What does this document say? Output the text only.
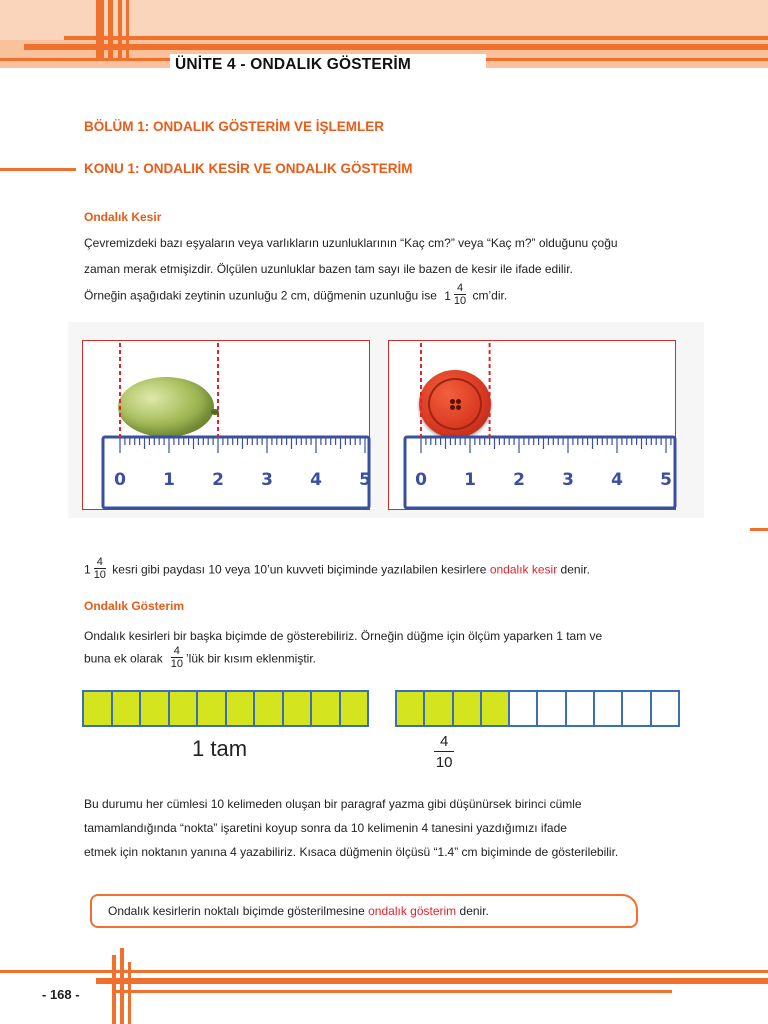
ÜNİTE 4 - ONDALIK GÖSTERİM
BÖLÜM 1: ONDALIK GÖSTERİM VE İŞLEMLER
KONU 1: ONDALIK KESİR VE ONDALIK GÖSTERİM
Ondalık Kesir
Çevremizdeki bazı eşyaların veya varlıkların uzunluklarının “Kaç cm?” veya “Kaç m?” olduğunu çoğu
zaman merak etmişizdir. Ölçülen uzunluklar bazen tam sayı ile bazen de kesir ile ifade edilir.
Örneğin aşağıdaki zeytinin uzunluğu 2 cm, düğmenin uzunluğu ise $1 \frac{4}{10}$ cm’dir.
0 1 2 3 4 5	0 1 2 3 4 5
$1 \frac{4}{10}$ kesri gibi paydası 10 veya 10’un kuvveti biçiminde yazılabilen kesirlere ondalık kesir denir.
Ondalık Gösterim
Ondalık kesirleri bir başka biçimde de gösterebiliriz. Örneğin düğme için ölçüm yaparken 1 tam ve
buna ek olarak $\frac{4}{10}$ ’lük bir kısım eklenmiştir.
1 tam	$\frac{4}{10}$
Bu durumu her cümlesi 10 kelimeden oluşan bir paragraf yazma gibi düşünürsek birinci cümle
tamamlandığında “nokta” işaretini koyup sonra da 10 kelimenin 4 tanesini yazdığımızı ifade
etmek için noktanın yanına 4 yazabiliriz. Kısaca düğmenin ölçüsü “1.4” cm biçiminde de gösterilebilir.
Ondalık kesirlerin noktalı biçimde gösterilmesine ondalık gösterim denir.
- 168 -
